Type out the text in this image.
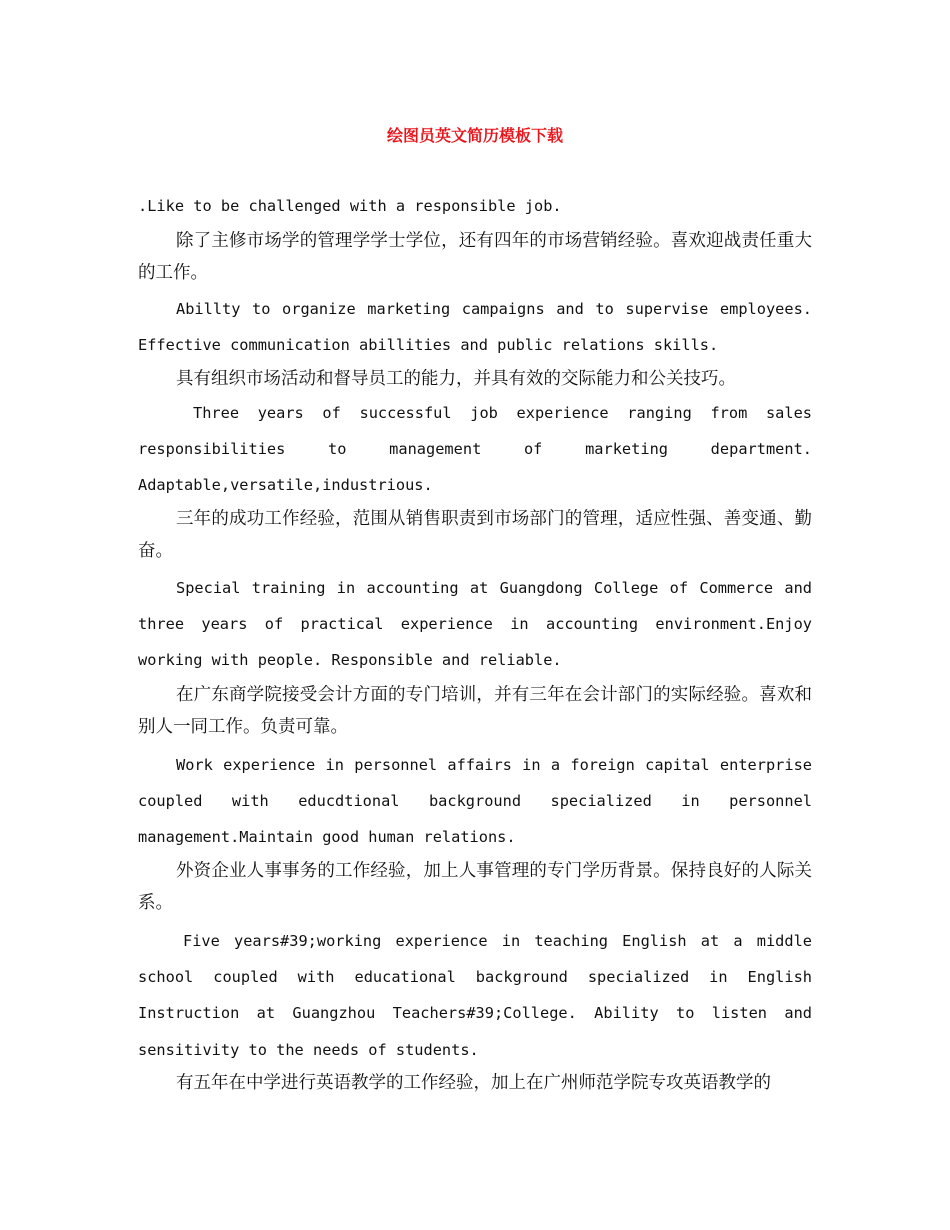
绘图员英文简历模板下载
.Like to be challenged with a responsible job.
除了主修市场学的管理学学士学位，还有四年的市场营销经验。喜欢迎战责任重大的工作。
Abillty to organize marketing campaigns and to supervise employees. Effective communication abillities and public relations skills.
具有组织市场活动和督导员工的能力，并具有效的交际能力和公关技巧。
Three years of successful job experience ranging from sales responsibilities to management of marketing department. Adaptable,versatile,industrious.
三年的成功工作经验，范围从销售职责到市场部门的管理，适应性强、善变通、勤奋。
Special training in accounting at Guangdong College of Commerce and three years of practical experience in accounting environment.Enjoy working with people. Responsible and reliable.
在广东商学院接受会计方面的专门培训，并有三年在会计部门的实际经验。喜欢和别人一同工作。负责可靠。
Work experience in personnel affairs in a foreign capital enterprise coupled with educdtional background specialized in personnel management.Maintain good human relations.
外资企业人事事务的工作经验，加上人事管理的专门学历背景。保持良好的人际关系。
Five years#39;working experience in teaching English at a middle school coupled with educational background specialized in English Instruction at Guangzhou Teachers#39;College. Ability to listen and sensitivity to the needs of students.
有五年在中学进行英语教学的工作经验，加上在广州师范学院专攻英语教学的
